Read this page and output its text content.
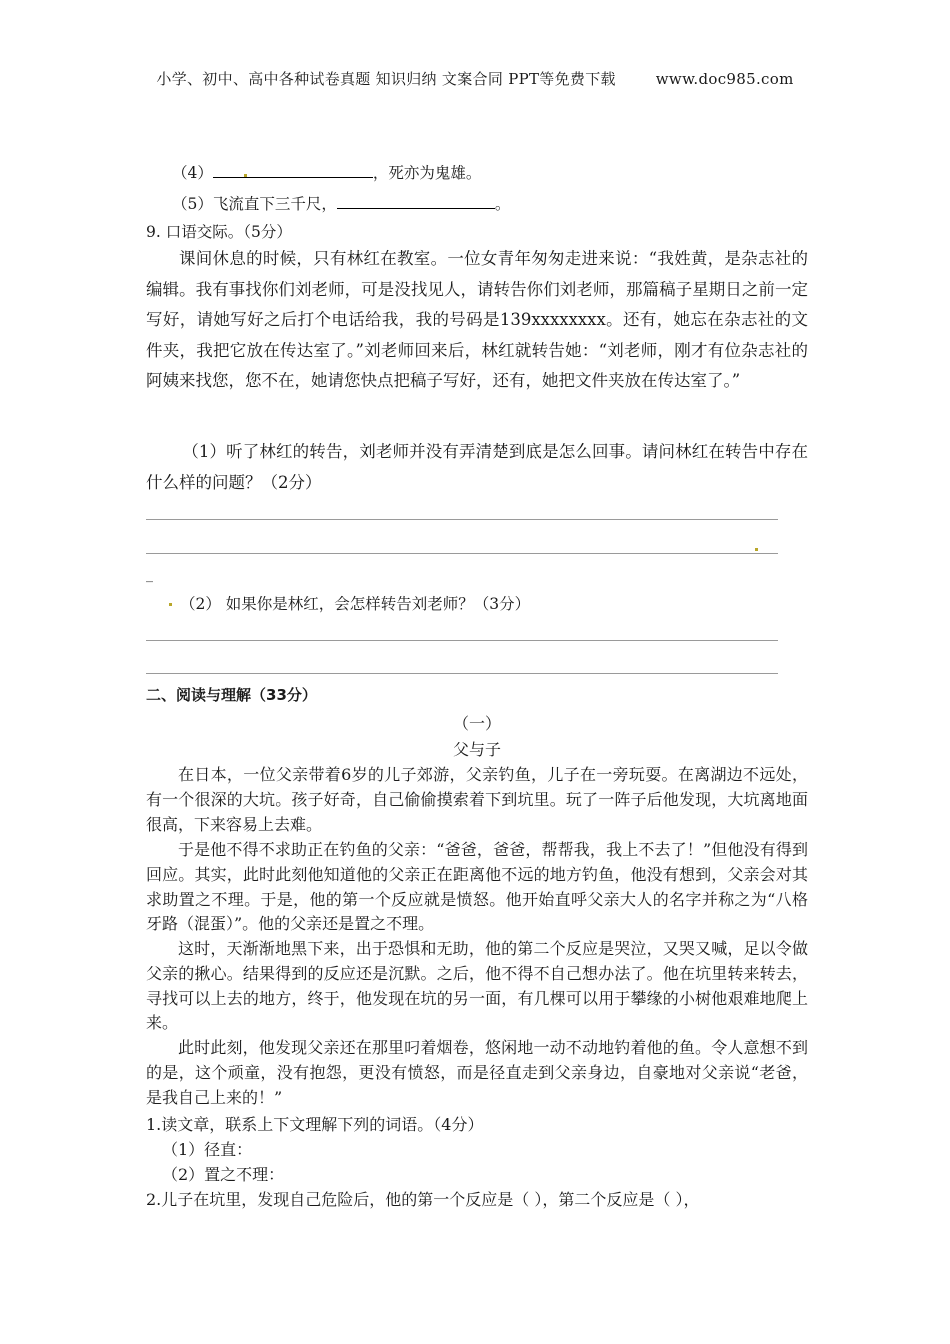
小学、初中、高中各种试卷真题 知识归纳 文案合同 PPT等免费下载	www.doc985.com
（4）	，死亦为鬼雄。
（5）飞流直下三千尺，	。
9. 口语交际。（5分）
课间休息的时候，只有林红在教室。一位女青年匆匆走进来说：“我姓黄，是杂志社的编辑。我有事找你们刘老师，可是没找见人，请转告你们刘老师，那篇稿子星期日之前一定写好，请她写好之后打个电话给我，我的号码是139xxxxxxxx。还有，她忘在杂志社的文件夹，我把它放在传达室了。”刘老师回来后，林红就转告她：“刘老师，刚才有位杂志社的阿姨来找您，您不在，她请您快点把稿子写好，还有，她把文件夹放在传达室了。”
（1）听了林红的转告，刘老师并没有弄清楚到底是怎么回事。请问林红在转告中存在什么样的问题？（2分）
_
（2） 如果你是林红，会怎样转告刘老师？（3分）
二、阅读与理解（33分）
（一）
父与子
在日本，一位父亲带着6岁的儿子郊游，父亲钓鱼，儿子在一旁玩耍。在离湖边不远处，有一个很深的大坑。孩子好奇，自己偷偷摸索着下到坑里。玩了一阵子后他发现，大坑离地面很高，下来容易上去难。
于是他不得不求助正在钓鱼的父亲：“爸爸，爸爸，帮帮我，我上不去了！”但他没有得到回应。其实，此时此刻他知道他的父亲正在距离他不远的地方钓鱼，他没有想到，父亲会对其求助置之不理。于是，他的第一个反应就是愤怒。他开始直呼父亲大人的名字并称之为“八格牙路（混蛋）”。他的父亲还是置之不理。
这时，天渐渐地黑下来，出于恐惧和无助，他的第二个反应是哭泣，又哭又喊，足以令做父亲的揪心。结果得到的反应还是沉默。之后，他不得不自己想办法了。他在坑里转来转去，寻找可以上去的地方，终于，他发现在坑的另一面，有几棵可以用于攀缘的小树他艰难地爬上来。
此时此刻，他发现父亲还在那里叼着烟卷，悠闲地一动不动地钓着他的鱼。令人意想不到的是，这个顽童，没有抱怨，更没有愤怒，而是径直走到父亲身边，自豪地对父亲说“老爸，是我自己上来的！”
1.读文章，联系上下文理解下列的词语。（4分）
（1）径直：
（2）置之不理：
2.儿子在坑里，发现自己危险后，他的第一个反应是（ ），第二个反应是（ ），
